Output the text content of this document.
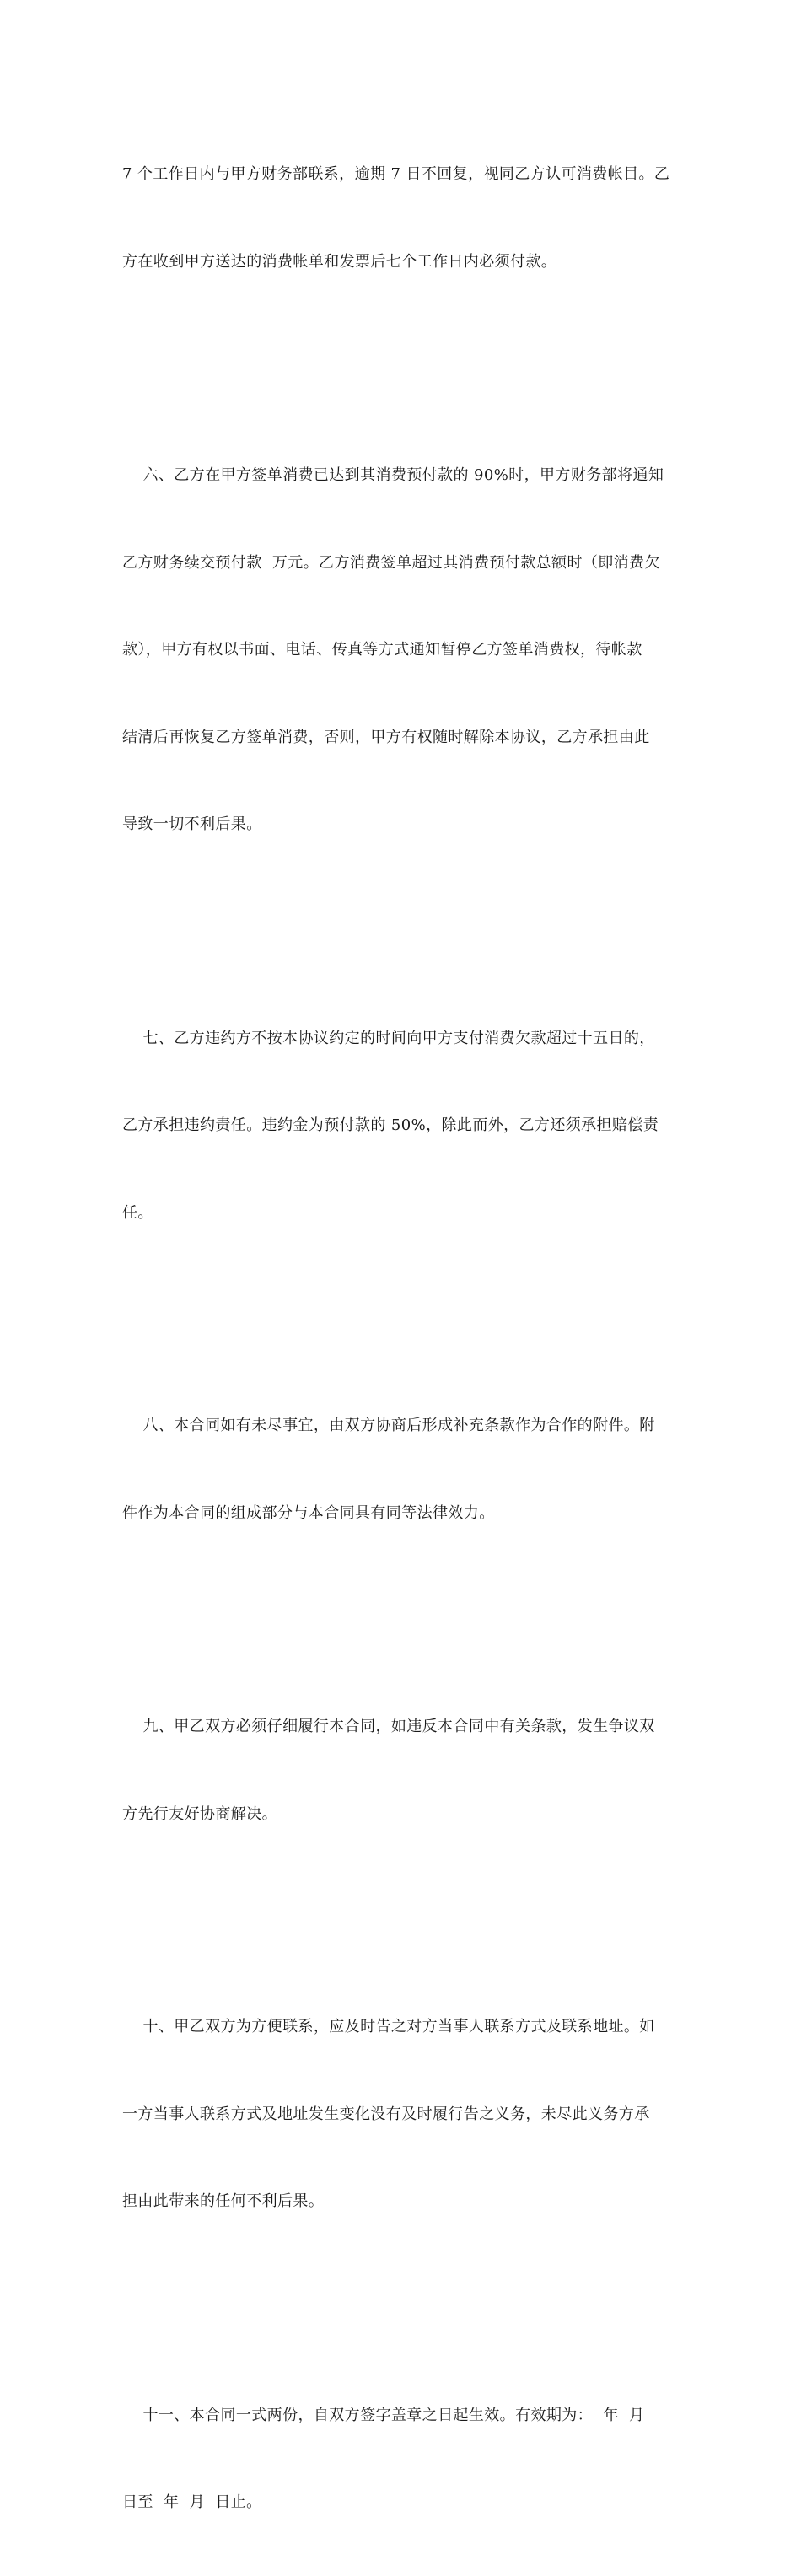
7 个工作日内与甲方财务部联系，逾期 7 日不回复，视同乙方认可消费帐目。乙

方在收到甲方送达的消费帐单和发票后七个工作日内必须付款。

六、乙方在甲方签单消费已达到其消费预付款的 90%时，甲方财务部将通知

乙方财务续交预付款  万元。乙方消费签单超过其消费预付款总额时（即消费欠

款），甲方有权以书面、电话、传真等方式通知暂停乙方签单消费权，待帐款

结清后再恢复乙方签单消费，否则，甲方有权随时解除本协议，乙方承担由此

导致一切不利后果。

七、乙方违约方不按本协议约定的时间向甲方支付消费欠款超过十五日的，

乙方承担违约责任。违约金为预付款的 50%，除此而外，乙方还须承担赔偿责

任。

八、本合同如有未尽事宜，由双方协商后形成补充条款作为合作的附件。附

件作为本合同的组成部分与本合同具有同等法律效力。

九、甲乙双方必须仔细履行本合同，如违反本合同中有关条款，发生争议双

方先行友好协商解决。

十、甲乙双方为方便联系，应及时告之对方当事人联系方式及联系地址。如

一方当事人联系方式及地址发生变化没有及时履行告之义务，未尽此义务方承

担由此带来的任何不利后果。

十一、本合同一式两份，自双方签字盖章之日起生效。有效期为：  年  月

日至  年  月  日止。
